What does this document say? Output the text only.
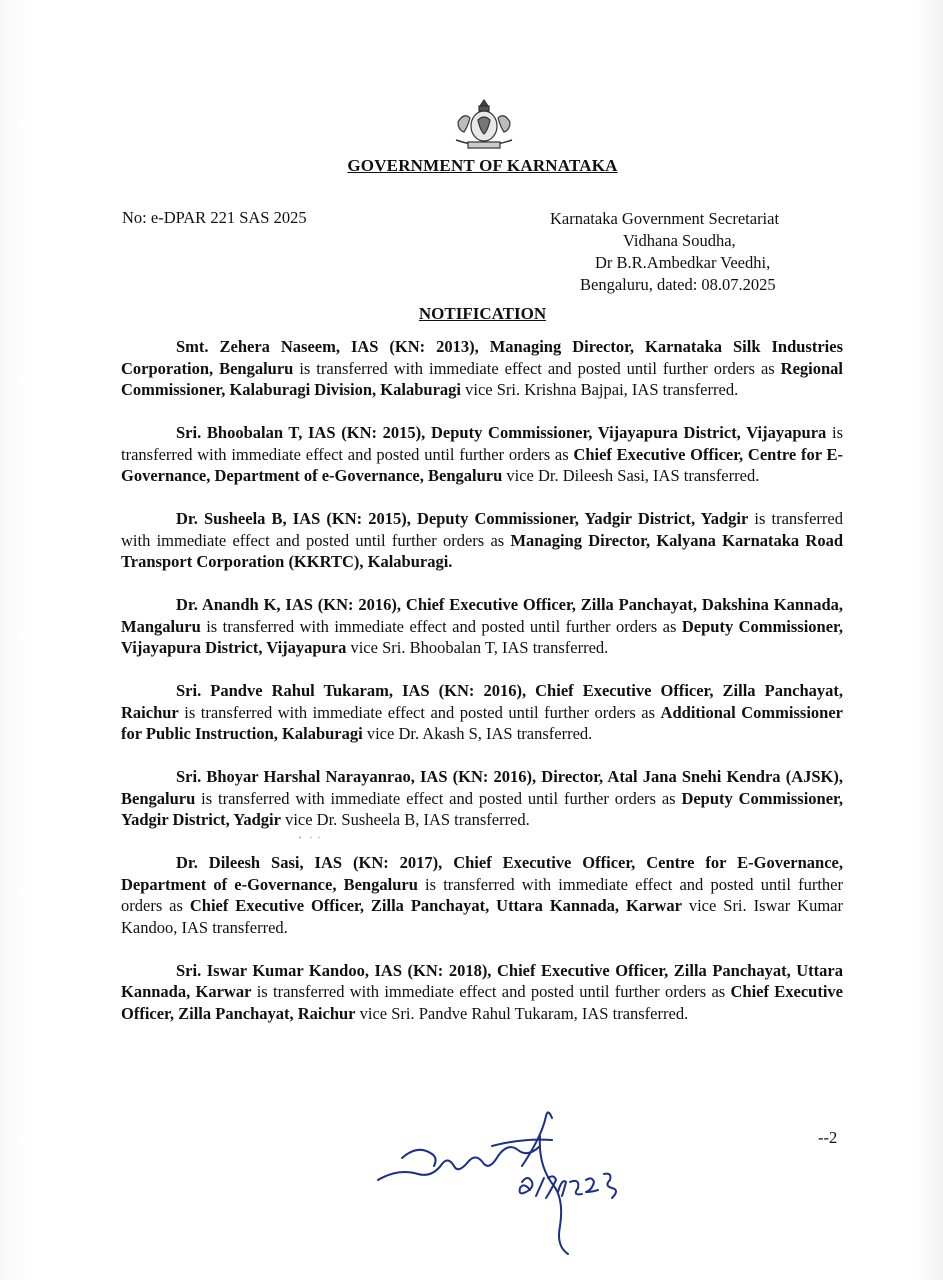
GOVERNMENT OF KARNATAKA
No: e-DPAR 221 SAS 2025	Karnataka Government Secretariat
Vidhana Soudha,
Dr B.R.Ambedkar Veedhi,
Bengaluru, dated: 08.07.2025
NOTIFICATION

Smt. Zehera Naseem, IAS (KN: 2013), Managing Director, Karnataka Silk Industries Corporation, Bengaluru is transferred with immediate effect and posted until further orders as Regional Commissioner, Kalaburagi Division, Kalaburagi vice Sri. Krishna Bajpai, IAS transferred.

Sri. Bhoobalan T, IAS (KN: 2015), Deputy Commissioner, Vijayapura District, Vijayapura is transferred with immediate effect and posted until further orders as Chief Executive Officer, Centre for E-Governance, Department of e-Governance, Bengaluru vice Dr. Dileesh Sasi, IAS transferred.

Dr. Susheela B, IAS (KN: 2015), Deputy Commissioner, Yadgir District, Yadgir is transferred with immediate effect and posted until further orders as Managing Director, Kalyana Karnataka Road Transport Corporation (KKRTC), Kalaburagi.

Dr. Anandh K, IAS (KN: 2016), Chief Executive Officer, Zilla Panchayat, Dakshina Kannada, Mangaluru is transferred with immediate effect and posted until further orders as Deputy Commissioner, Vijayapura District, Vijayapura vice Sri. Bhoobalan T, IAS transferred.

Sri. Pandve Rahul Tukaram, IAS (KN: 2016), Chief Executive Officer, Zilla Panchayat, Raichur is transferred with immediate effect and posted until further orders as Additional Commissioner for Public Instruction, Kalaburagi vice Dr. Akash S, IAS transferred.

Sri. Bhoyar Harshal Narayanrao, IAS (KN: 2016), Director, Atal Jana Snehi Kendra (AJSK), Bengaluru is transferred with immediate effect and posted until further orders as Deputy Commissioner, Yadgir District, Yadgir vice Dr. Susheela B, IAS transferred.

Dr. Dileesh Sasi, IAS (KN: 2017), Chief Executive Officer, Centre for E-Governance, Department of e-Governance, Bengaluru is transferred with immediate effect and posted until further orders as Chief Executive Officer, Zilla Panchayat, Uttara Kannada, Karwar vice Sri. Iswar Kumar Kandoo, IAS transferred.

Sri. Iswar Kumar Kandoo, IAS (KN: 2018), Chief Executive Officer, Zilla Panchayat, Uttara Kannada, Karwar is transferred with immediate effect and posted until further orders as Chief Executive Officer, Zilla Panchayat, Raichur vice Sri. Pandve Rahul Tukaram, IAS transferred.

--2
